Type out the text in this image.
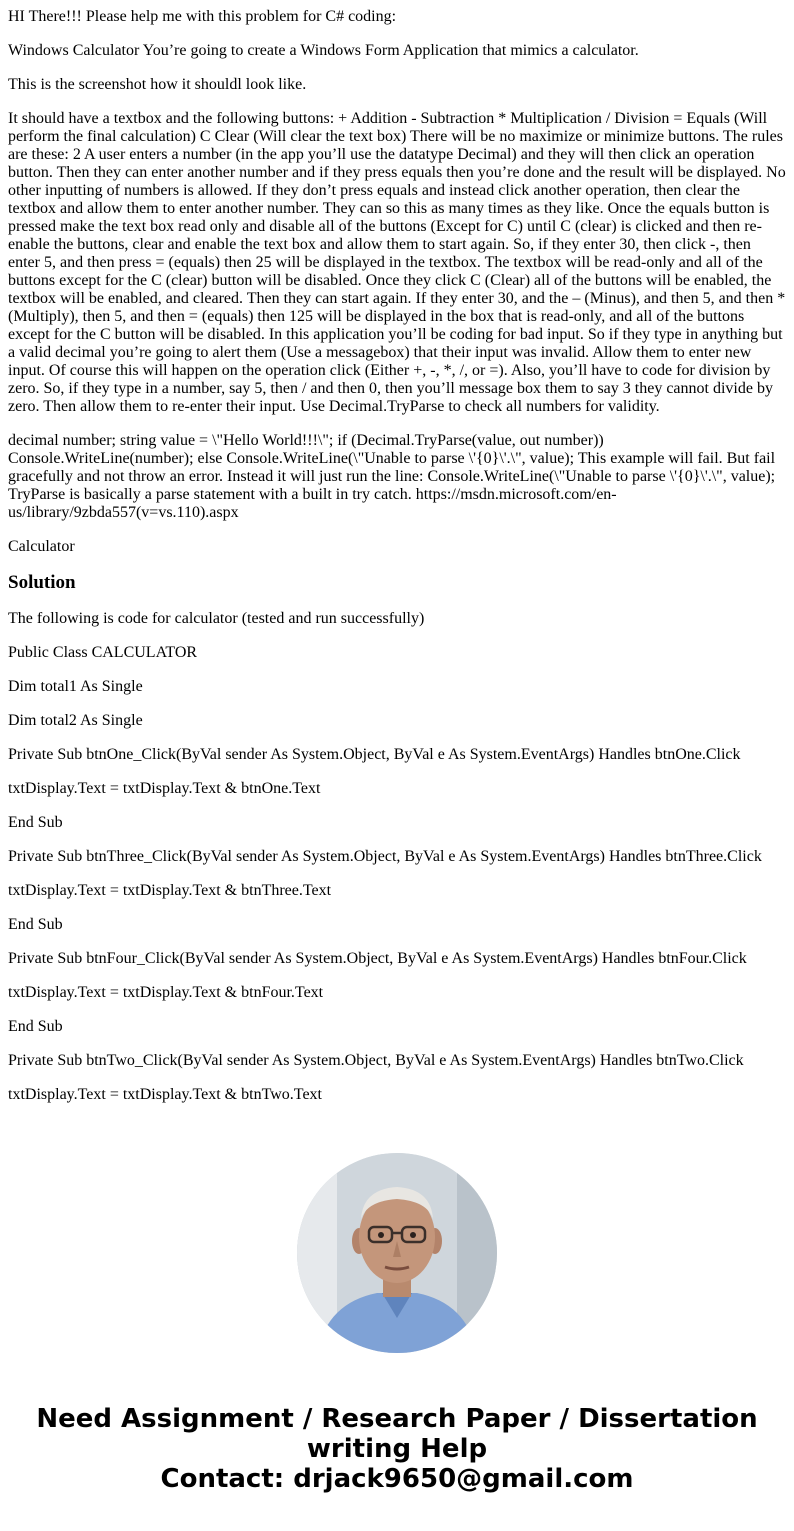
HI There!!! Please help me with this problem for C# coding:

Windows Calculator You’re going to create a Windows Form Application that mimics a calculator.

This is the screenshot how it shouldl look like.

It should have a textbox and the following buttons: + Addition - Subtraction * Multiplication / Division = Equals (Will perform the final calculation) C Clear (Will clear the text box) There will be no maximize or minimize buttons. The rules are these: 2 A user enters a number (in the app you’ll use the datatype Decimal) and they will then click an operation button. Then they can enter another number and if they press equals then you’re done and the result will be displayed. No other inputting of numbers is allowed. If they don’t press equals and instead click another operation, then clear the textbox and allow them to enter another number. They can so this as many times as they like. Once the equals button is pressed make the text box read only and disable all of the buttons (Except for C) until C (clear) is clicked and then re-enable the buttons, clear and enable the text box and allow them to start again. So, if they enter 30, then click -, then enter 5, and then press = (equals) then 25 will be displayed in the textbox. The textbox will be read-only and all of the buttons except for the C (clear) button will be disabled. Once they click C (Clear) all of the buttons will be enabled, the textbox will be enabled, and cleared. Then they can start again. If they enter 30, and the – (Minus), and then 5, and then * (Multiply), then 5, and then = (equals) then 125 will be displayed in the box that is read-only, and all of the buttons except for the C button will be disabled. In this application you’ll be coding for bad input. So if they type in anything but a valid decimal you’re going to alert them (Use a messagebox) that their input was invalid. Allow them to enter new input. Of course this will happen on the operation click (Either +, -, *, /, or =). Also, you’ll have to code for division by zero. So, if they type in a number, say 5, then / and then 0, then you’ll message box them to say 3 they cannot divide by zero. Then allow them to re-enter their input. Use Decimal.TryParse to check all numbers for validity.

decimal number; string value = \"Hello World!!!\"; if (Decimal.TryParse(value, out number)) Console.WriteLine(number); else Console.WriteLine(\"Unable to parse \'{0}\'.\", value); This example will fail. But fail gracefully and not throw an error. Instead it will just run the line: Console.WriteLine(\"Unable to parse \'{0}\'.\", value); TryParse is basically a parse statement with a built in try catch. https://msdn.microsoft.com/en-us/library/9zbda557(v=vs.110).aspx

Calculator

Solution

The following is code for calculator (tested and run successfully)

Public Class CALCULATOR

Dim total1 As Single

Dim total2 As Single

Private Sub btnOne_Click(ByVal sender As System.Object, ByVal e As System.EventArgs) Handles btnOne.Click

txtDisplay.Text = txtDisplay.Text & btnOne.Text

End Sub

Private Sub btnThree_Click(ByVal sender As System.Object, ByVal e As System.EventArgs) Handles btnThree.Click

txtDisplay.Text = txtDisplay.Text & btnThree.Text

End Sub

Private Sub btnFour_Click(ByVal sender As System.Object, ByVal e As System.EventArgs) Handles btnFour.Click

txtDisplay.Text = txtDisplay.Text & btnFour.Text

End Sub

Private Sub btnTwo_Click(ByVal sender As System.Object, ByVal e As System.EventArgs) Handles btnTwo.Click

txtDisplay.Text = txtDisplay.Text & btnTwo.Text

Need Assignment / Research Paper / Dissertation
writing Help
Contact: drjack9650@gmail.com
